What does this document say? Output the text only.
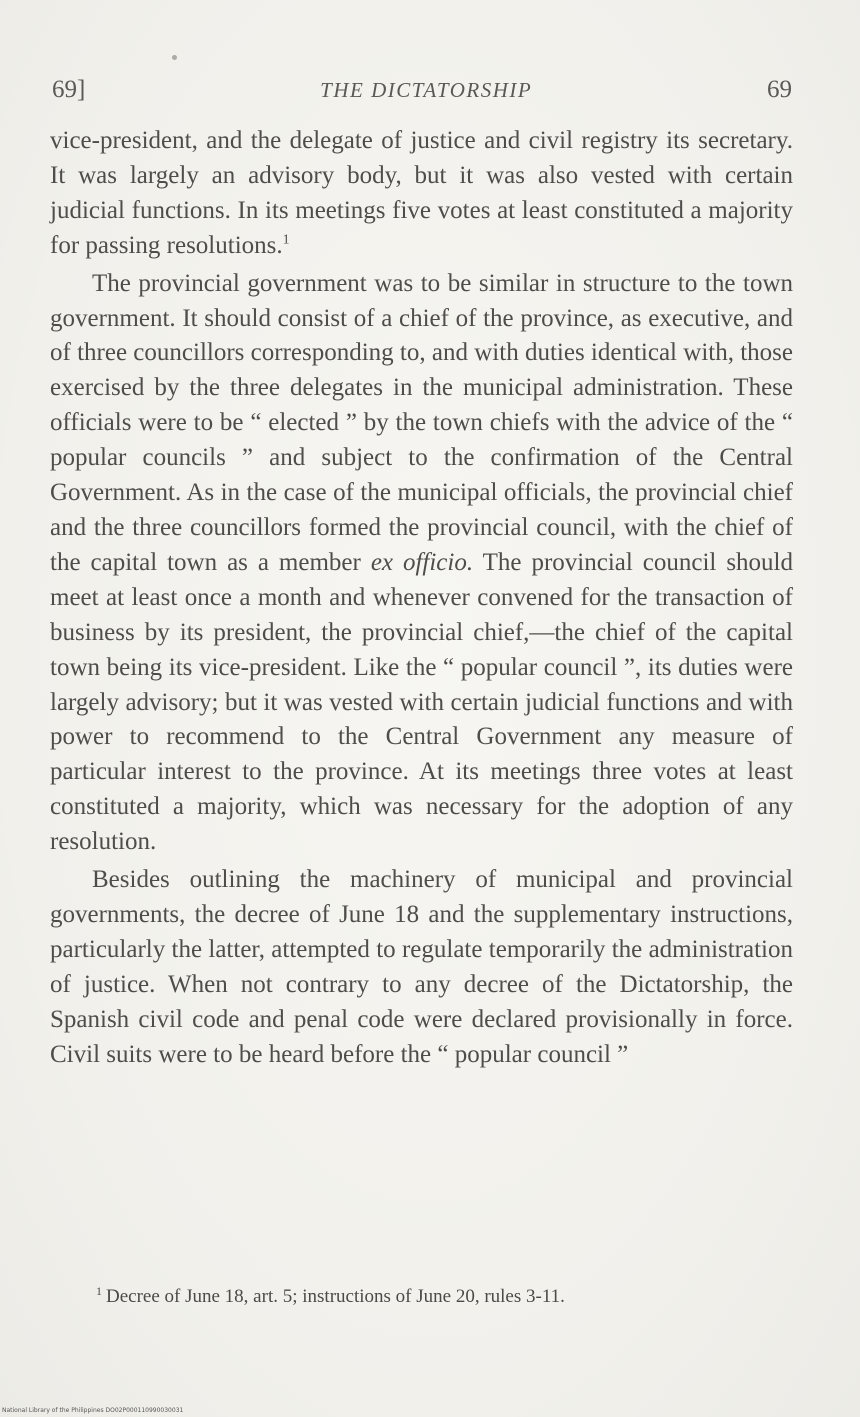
69]	THE DICTATORSHIP	69

vice-president, and the delegate of justice and civil registry its secretary. It was largely an advisory body, but it was also vested with certain judicial functions. In its meetings five votes at least constituted a majority for passing resolutions.$^1$

The provincial government was to be similar in structure to the town government. It should consist of a chief of the province, as executive, and of three councillors corresponding to, and with duties identical with, those exercised by the three delegates in the municipal administration. These officials were to be “ elected ” by the town chiefs with the advice of the “ popular councils ” and subject to the confirmation of the Central Government. As in the case of the municipal officials, the provincial chief and the three councillors formed the provincial council, with the chief of the capital town as a member ex officio. The provincial council should meet at least once a month and whenever convened for the transaction of business by its president, the provincial chief,—the chief of the capital town being its vice-president. Like the “ popular council ”, its duties were largely advisory; but it was vested with certain judicial functions and with power to recommend to the Central Government any measure of particular interest to the province. At its meetings three votes at least constituted a majority, which was necessary for the adoption of any resolution.

Besides outlining the machinery of municipal and provincial governments, the decree of June 18 and the supplementary instructions, particularly the latter, attempted to regulate temporarily the administration of justice. When not contrary to any decree of the Dictatorship, the Spanish civil code and penal code were declared provisionally in force. Civil suits were to be heard before the “ popular council ”

$^1$ Decree of June 18, art. 5; instructions of June 20, rules 3-11.
National Library of the Philippines DO02P000110990030031
